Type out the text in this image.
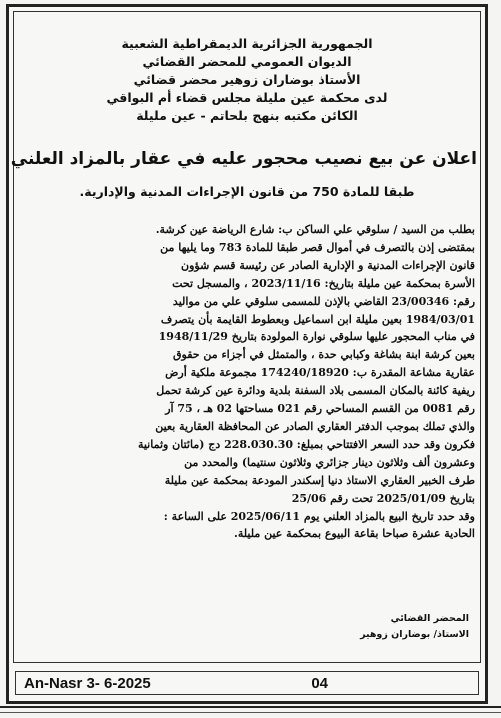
الجمهورية الجزائرية الديمقراطية الشعبية
الديوان العمومي للمحضر القضائي
الأستاذ بوضاران زوهير محضر قضائي
لدى محكمة عين مليلة مجلس قضاء أم البواقي
الكائن مكتبه بنهج بلحاتم - عين مليلة
اعلان عن بيع نصيب محجور عليه في عقار بالمزاد العلني
طبقا للمادة 750 من قانون الإجراءات المدنية والإدارية.
بطلب من السيد / سلوقي علي الساكن ب: شارع الرياضة عين كرشة.
بمقتضى إذن بالتصرف في أموال قصر طبقا للمادة 783 وما يليها من
قانون الإجراءات المدنية و الإدارية الصادر عن رئيسة قسم شؤون
الأسرة بمحكمة عين مليلة بتاريخ: 2023/11/16 ، والمسجل تحت
رقم: 23/00346 القاضي بالإذن للمسمى سلوقي علي من مواليد
1984/03/01 بعين مليلة ابن اسماعيل وبعطوط القايمة بأن يتصرف
في مناب المحجور عليها سلوقي نوارة المولودة بتاريخ 1948/11/29
بعين كرشة ابنة بشاغة وكبابي حدة ، والمتمثل في أجزاء من حقوق
عقارية مشاعة المقدرة ب: 174240/18920 مجموعة ملكية أرض
ريفية كائنة بالمكان المسمى بلاد السفنة بلدية ودائرة عين كرشة تحمل
رقم 0081 من القسم المساحي رقم 021 مساحتها 02 هـ ، 75 آر
والذي تملك بموجب الدفتر العقاري الصادر عن المحافظة العقارية بعين
فكرون وقد حدد السعر الافتتاحي بمبلغ: 228.030.30 دج (مائتان وثمانية
وعشرون ألف وثلاثون دينار جزائري وثلاثون سنتيما) والمحدد من
طرف الخبير العقاري الاستاذ دنيا إسكندر المودعة بمحكمة عين مليلة
بتاريخ 2025/01/09 تحت رقم 25/06
وقد حدد تاريخ البيع بالمزاد العلني يوم 2025/06/11 على الساعة :
الحادية عشرة صباحا بقاعة البيوع بمحكمة عين مليلة.
المحضر القضائي
الاستاذ/ بوضاران زوهير
An-Nasr 3- 6-2025	04
